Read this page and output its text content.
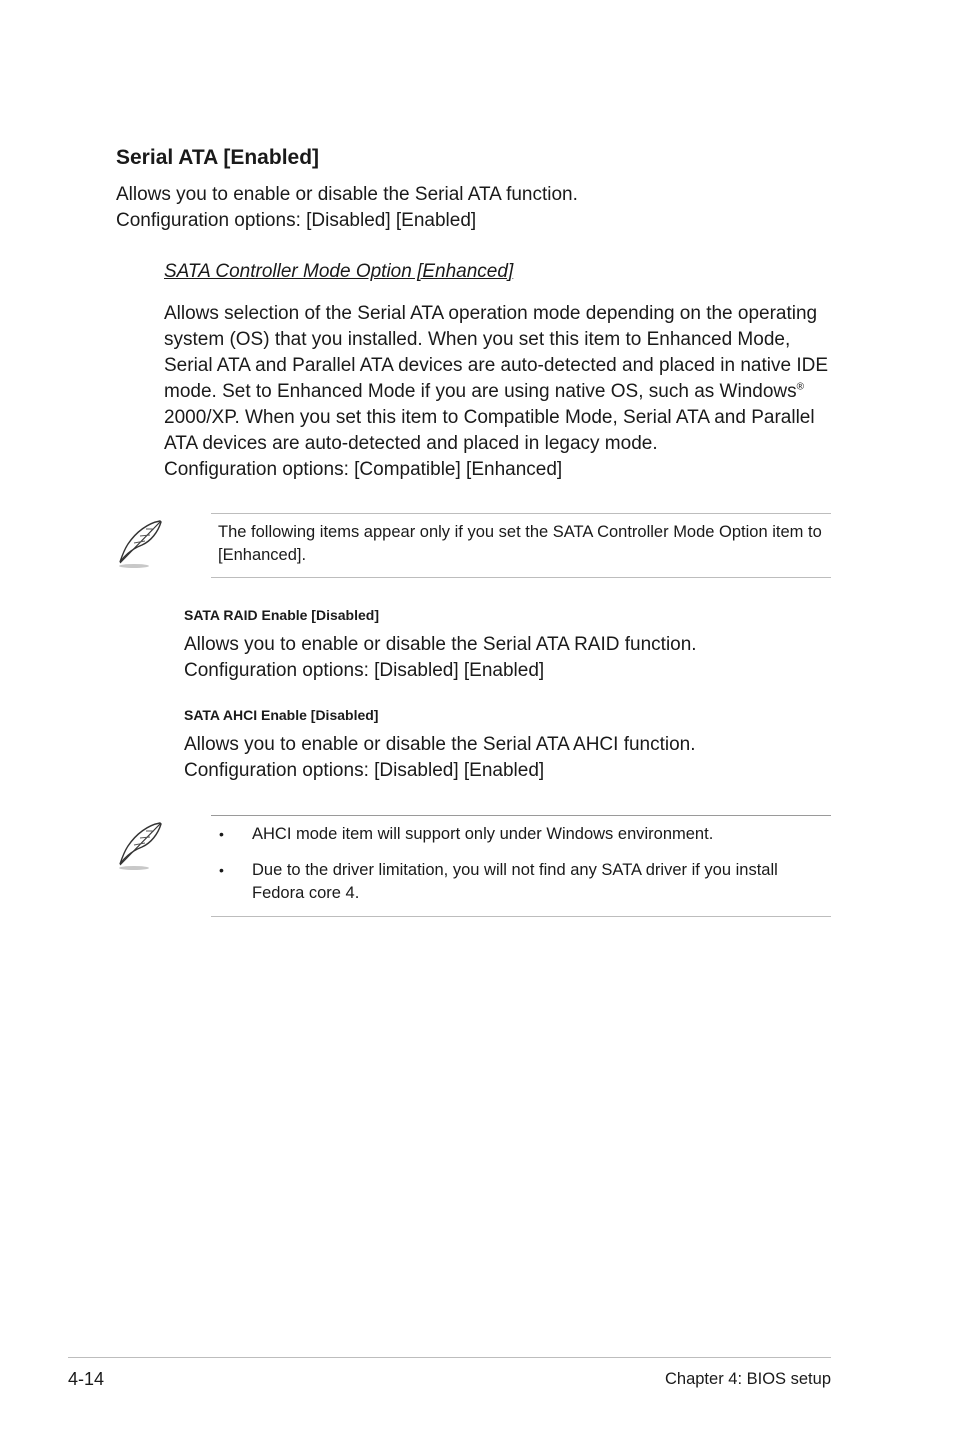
Serial ATA [Enabled]
Allows you to enable or disable the Serial ATA function.
Configuration options: [Disabled] [Enabled]
SATA Controller Mode Option [Enhanced]
Allows selection of the Serial ATA operation mode depending on the operating system (OS) that you installed. When you set this item to Enhanced Mode, Serial ATA and Parallel ATA devices are auto-detected and placed in native IDE mode. Set to Enhanced Mode if you are using native OS, such as Windows® 2000/XP. When you set this item to Compatible Mode, Serial ATA and Parallel ATA devices are auto-detected and placed in legacy mode.
Configuration options: [Compatible] [Enhanced]
The following items appear only if you set the SATA Controller Mode Option item to [Enhanced].
SATA RAID Enable [Disabled]
Allows you to enable or disable the Serial ATA RAID function.
Configuration options: [Disabled] [Enabled]
SATA AHCI Enable [Disabled]
Allows you to enable or disable the Serial ATA AHCI function.
Configuration options: [Disabled] [Enabled]
• AHCI mode item will support only under Windows environment.
• Due to the driver limitation, you will not find any SATA driver if you install Fedora core 4.
4-14	Chapter 4: BIOS setup
